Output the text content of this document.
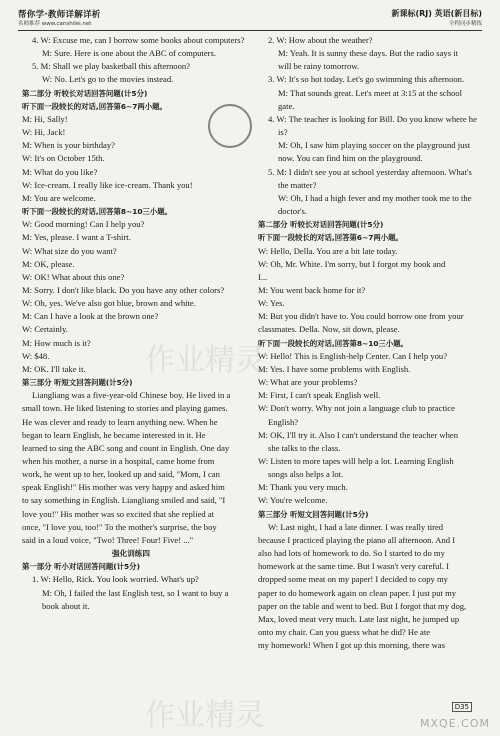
帮你学·教师详解详析
名师推荐 www.canshilei.net
新课标(RJ) 英语(新目标)
全程同步精练
4. W: Excuse me, can I borrow some books about computers?
M: Sure. Here is one about the ABC of computers.
5. M: Shall we play basketball this afternoon?
W: No. Let's go to the movies instead.
第二部分 听较长对话回答问题(计5分)
听下面一段较长的对话,回答第6~7两小题。
M: Hi, Sally!
W: Hi, Jack!
M: When is your birthday?
W: It's on October 15th.
M: What do you like?
W: Ice-cream. I really like ice-cream. Thank you!
M: You are welcome.
听下面一段较长的对话,回答第8~10三小题。
W: Good morning! Can I help you?
M: Yes, please. I want a T-shirt.
W: What size do you want?
M: OK, please.
W: OK! What about this one?
M: Sorry. I don't like black. Do you have any other colors?
W: Oh, yes. We've also got blue, brown and white.
M: Can I have a look at the brown one?
W: Certainly.
M: How much is it?
W: $48.
M: OK. I'll take it.
第三部分 听短文回答问题(计5分)
Liangliang was a five-year-old Chinese boy. He lived in a
small town. He liked listening to stories and playing games.
He was clever and ready to learn anything new. When he
began to learn English, he became interested in it. He
learned to sing the ABC song and count in English. One day
when his mother, a nurse in a hospital, came home from
work, he went up to her, looked up and said, "Mom, I can
speak English!" His mother was very happy and asked him
to say something in English. Liangliang smiled and said, "I
love you!" His mother was so excited that she replied at
once, "I love you, too!" To the mother's surprise, the boy
said in a loud voice, "Two! Three! Four! Five! ..."
强化训练四
第一部分 听小对话回答问题(计5分)
1. W: Hello, Rick. You look worried. What's up?
M: Oh, I failed the last English test, so I want to buy a
book about it.
2. W: How about the weather?
M: Yeah. It is sunny these days. But the radio says it
will be rainy tomorrow.
3. W: It's so hot today. Let's go swimming this afternoon.
M: That sounds great. Let's meet at 3:15 at the school
gate.
4. W: The teacher is looking for Bill. Do you know where he
is?
M: Oh, I saw him playing soccer on the playground just
now. You can find him on the playground.
5. M: I didn't see you at school yesterday afternoon. What's
the matter?
W: Oh, I had a high fever and my mother took me to the
doctor's.
第二部分 听较长对话回答问题(计5分)
听下面一段较长的对话,回答第6~7两小题。
W: Hello, Della. You are a bit late today.
W: Oh, Mr. White. I'm sorry, but I forgot my book and
I...
M: You went back home for it?
W: Yes.
M: But you didn't have to. You could borrow one from your
classmates. Della. Now, sit down, please.
听下面一段较长的对话,回答第8~10三小题。
W: Hello! This is English-help Center. Can I help you?
M: Yes. I have some problems with English.
W: What are your problems?
M: First, I can't speak English well.
W: Don't worry. Why not join a language club to practice
English?
M: OK, I'll try it. Also I can't understand the teacher when
she talks to the class.
W: Listen to more tapes will help a lot. Learning English
songs also helps a lot.
M: Thank you very much.
W: You're welcome.
第三部分 听短文回答问题(计5分)
W: Last night, I had a late dinner. I was really tired
because I practiced playing the piano all afternoon. And I
also had lots of homework to do. So I started to do my
homework at the same time. But I wasn't very careful. I
dropped some meat on my paper! I decided to copy my
paper to do homework again on clean paper. I just put my
paper on the table and went to bed. But I forgot that my dog,
Max, loved meat very much. Late last night, he jumped up
onto my chair. Can you guess what he did? He ate
my homework! When I got up this morning, there was
作业精灵
作业精灵	D35
MXQE.COM
